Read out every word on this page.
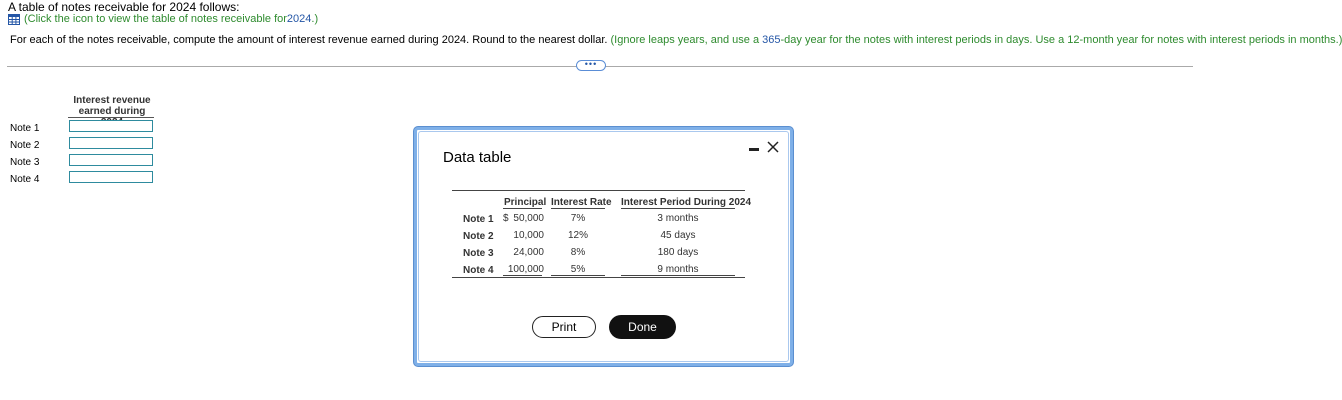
A table of notes receivable for 2024 follows:
(Click the icon to view the table of notes receivable for 2024 .)
For each of the notes receivable, compute the amount of interest revenue earned during 2024. Round to the nearest dollar. (Ignore leaps years, and use a 365-day year for the notes with interest periods in days. Use a 12-month year for notes with interest periods in months.)
•••
Interest revenue
earned during
Note 1
Note 2
Note 3
Note 4
Data table
Principal Interest Rate Interest Period During 2024
Note 1 $ 50,000	7%	3 months
Note 2	10,000	12%	45 days
Note 3	24,000	8%	180 days
Note 4 100,000	5%	9 months
Print	Done
